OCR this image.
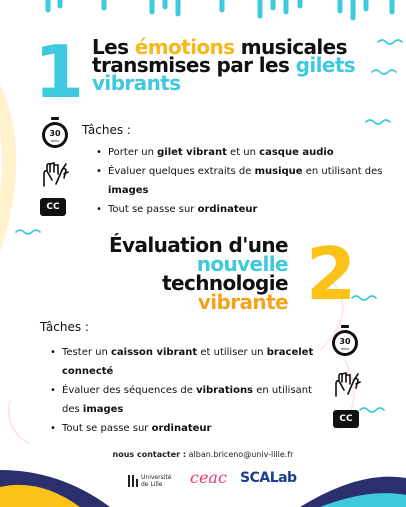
1 Les émotions musicales transmises par les gilets vibrants
30
mins
CC
Tâches :
• Porter un gilet vibrant et un casque audio
• Évaluer quelques extraits de musique en utilisant des images
• Tout se passe sur ordinateur
Évaluation d'une nouvelle technologie vibrante 2
Tâches :
• Tester un caisson vibrant et utiliser un bracelet connecté
• Évaluer des séquences de vibrations en utilisant des images
• Tout se passe sur ordinateur
30
mins
CC
nous contacter : alban.briceno@univ-lille.fr
Université
de Lille	ceac SCALab
